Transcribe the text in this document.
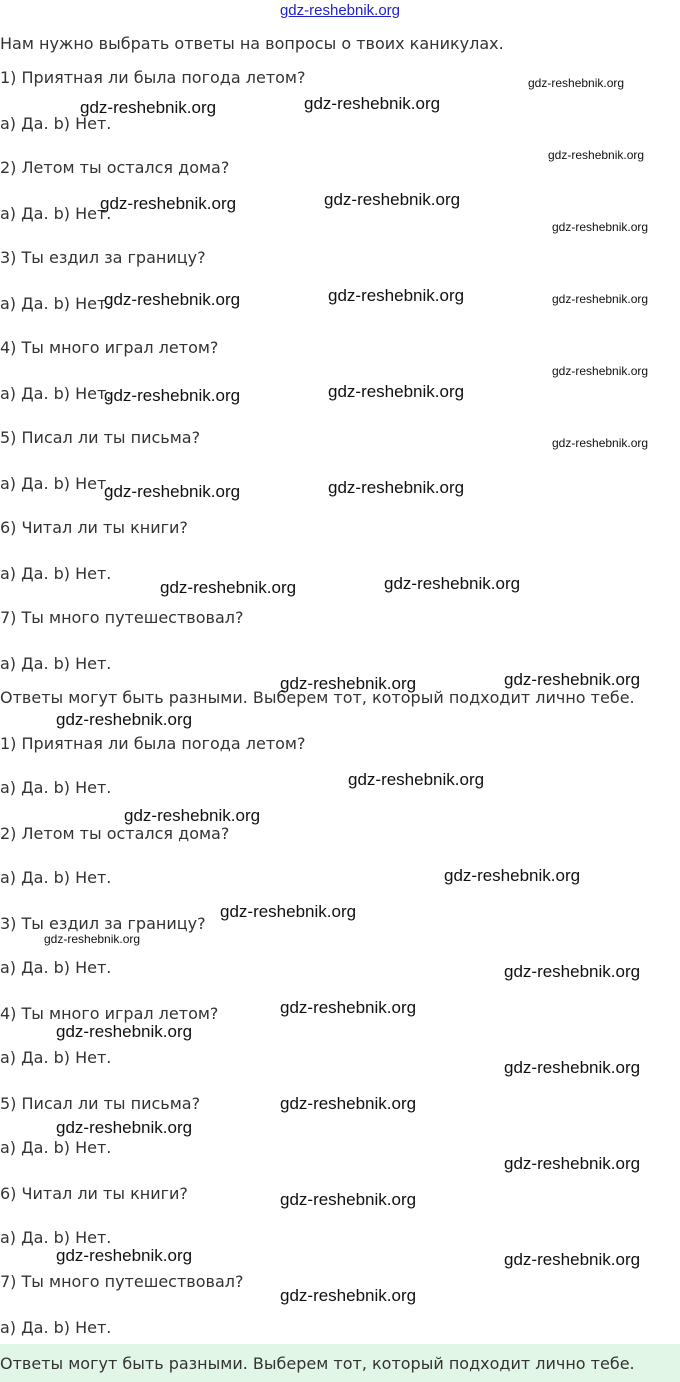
gdz-reshebnik.org
Нам нужно выбрать ответы на вопросы о твоих каникулах.
1) Приятная ли была погода летом?
a) Да. b) Нет.
2) Летом ты остался дома?
a) Да. b) Нет.
3) Ты ездил за границу?
a) Да. b) Нет.
4) Ты много играл летом?
a) Да. b) Нет.
5) Писал ли ты письма?
a) Да. b) Нет.
6) Читал ли ты книги?
a) Да. b) Нет.
7) Ты много путешествовал?
a) Да. b) Нет.
Ответы могут быть разными. Выберем тот, который подходит лично тебе.
1) Приятная ли была погода летом?
a) Да. b) Нет.
2) Летом ты остался дома?
a) Да. b) Нет.
3) Ты ездил за границу?
a) Да. b) Нет.
4) Ты много играл летом?
a) Да. b) Нет.
5) Писал ли ты письма?
a) Да. b) Нет.
6) Читал ли ты книги?
a) Да. b) Нет.
7) Ты много путешествовал?
a) Да. b) Нет.
Ответы могут быть разными. Выберем тот, который подходит лично тебе.
gdz-reshebnik.org
gdz-reshebnik.org	gdz-reshebnik.org
gdz-reshebnik.org
gdz-reshebnik.org	gdz-reshebnik.org
gdz-reshebnik.org
gdz-reshebnik.org	gdz-reshebnik.org	gdz-reshebnik.org
gdz-reshebnik.org
gdz-reshebnik.org	gdz-reshebnik.org
gdz-reshebnik.org
gdz-reshebnik.org	gdz-reshebnik.org
gdz-reshebnik.org	gdz-reshebnik.org
gdz-reshebnik.org	gdz-reshebnik.org
gdz-reshebnik.org
gdz-reshebnik.org
gdz-reshebnik.org
gdz-reshebnik.org
gdz-reshebnik.org
gdz-reshebnik.org
gdz-reshebnik.org
gdz-reshebnik.org
gdz-reshebnik.org
gdz-reshebnik.org
gdz-reshebnik.org
gdz-reshebnik.org
gdz-reshebnik.org
gdz-reshebnik.org
gdz-reshebnik.org	gdz-reshebnik.org
gdz-reshebnik.org
